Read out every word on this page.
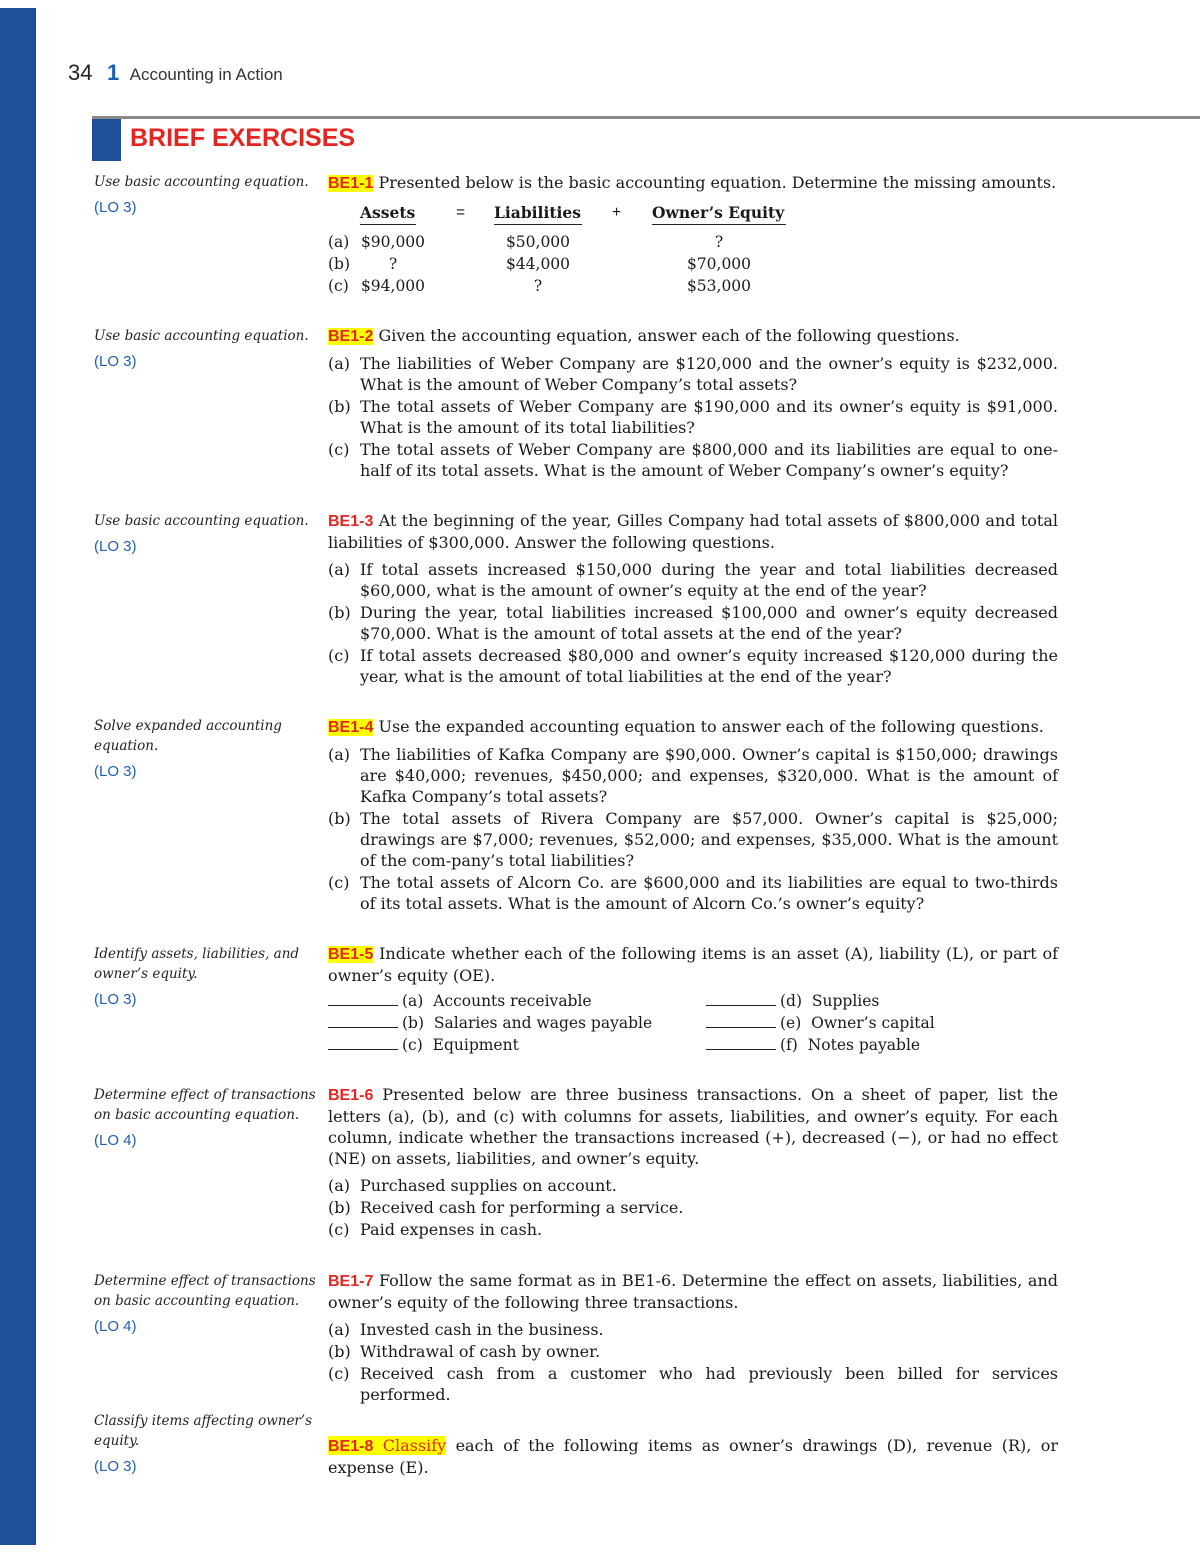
34 1 Accounting in Action
BRIEF EXERCISES
Use basic accounting equation.
(LO 3)
BE1-1 Presented below is the basic accounting equation. Determine the missing amounts.
Assets	= Liabilities + Owner’s Equity
(a) $90,000	$50,000	?
(b)	?	$44,000	$70,000
(c) $94,000	?	$53,000
Use basic accounting equation.
(LO 3)
BE1-2 Given the accounting equation, answer each of the following questions.
(a) The liabilities of Weber Company are $120,000 and the owner’s equity is $232,000. What is the amount of Weber Company’s total assets?
(b) The total assets of Weber Company are $190,000 and its owner’s equity is $91,000. What is the amount of its total liabilities?
(c) The total assets of Weber Company are $800,000 and its liabilities are equal to one-half of its total assets. What is the amount of Weber Company’s owner’s equity?
Use basic accounting equation.
(LO 3)
BE1-3 At the beginning of the year, Gilles Company had total assets of $800,000 and total liabilities of $300,000. Answer the following questions.
(a) If total assets increased $150,000 during the year and total liabilities decreased $60,000, what is the amount of owner’s equity at the end of the year?
(b) During the year, total liabilities increased $100,000 and owner’s equity decreased $70,000. What is the amount of total assets at the end of the year?
(c) If total assets decreased $80,000 and owner’s equity increased $120,000 during the year, what is the amount of total liabilities at the end of the year?
Solve expanded accounting equation.
(LO 3)
BE1-4 Use the expanded accounting equation to answer each of the following questions.
(a) The liabilities of Kafka Company are $90,000. Owner’s capital is $150,000; drawings are $40,000; revenues, $450,000; and expenses, $320,000. What is the amount of Kafka Company’s total assets?
(b) The total assets of Rivera Company are $57,000. Owner’s capital is $25,000; drawings are $7,000; revenues, $52,000; and expenses, $35,000. What is the amount of the com-pany’s total liabilities?
(c) The total assets of Alcorn Co. are $600,000 and its liabilities are equal to two-thirds of its total assets. What is the amount of Alcorn Co.’s owner’s equity?
Identify assets, liabilities, and owner’s equity.
(LO 3)
BE1-5 Indicate whether each of the following items is an asset (A), liability (L), or part of owner’s equity (OE).
(a) Accounts receivable
(b) Salaries and wages payable
(c) Equipment
(d) Supplies
(e) Owner’s capital
(f) Notes payable
Determine effect of transactions on basic accounting equation.
(LO 4)
BE1-6 Presented below are three business transactions. On a sheet of paper, list the letters (a), (b), and (c) with columns for assets, liabilities, and owner’s equity. For each column, indicate whether the transactions increased (+), decreased (−), or had no effect (NE) on assets, liabilities, and owner’s equity.
(a) Purchased supplies on account.
(b) Received cash for performing a service.
(c) Paid expenses in cash.
Determine effect of transactions on basic accounting equation.
(LO 4)
BE1-7 Follow the same format as in BE1-6. Determine the effect on assets, liabilities, and owner’s equity of the following three transactions.
(a) Invested cash in the business.
(b) Withdrawal of cash by owner.
(c) Received cash from a customer who had previously been billed for services performed.
Classify items affecting owner’s equity.
(LO 3)
BE1-8 Classify each of the following items as owner’s drawings (D), revenue (R), or expense (E).
